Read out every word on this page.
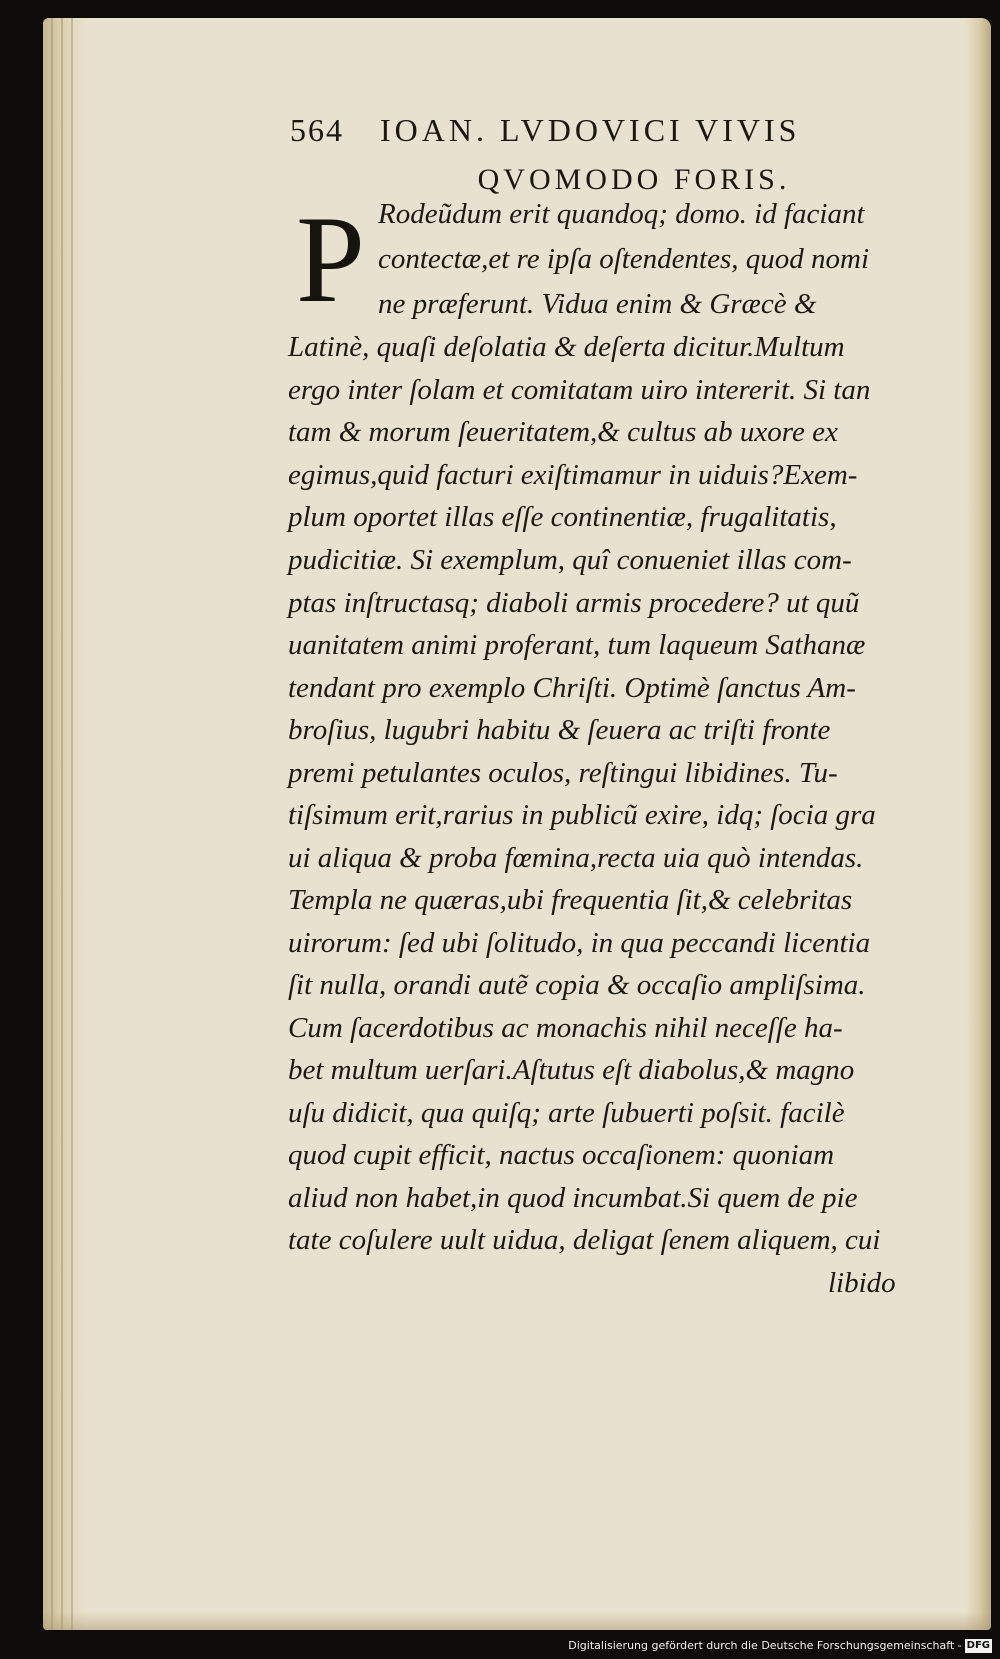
564 IOAN. LVDOVICI VIVIS
QVOMODO FORIS.
P Rodeũdum erit quandoq; domo. id faciant
contectæ,et re ipſa oſtendentes, quod nomi
ne præferunt. Vidua enim & Græcè &
Latinè, quaſi deſolatia & deſerta dicitur.Multum
ergo inter ſolam et comitatam uiro intererit. Si tan
tam & morum ſeueritatem,& cultus ab uxore ex
egimus,quid facturi exiſtimamur in uiduis?Exem-
plum oportet illas eſſe continentiæ, frugalitatis,
pudicitiæ. Si exemplum, quî conueniet illas com-
ptas inſtructasq; diaboli armis procedere? ut quũ
uanitatem animi proferant, tum laqueum Sathanæ
tendant pro exemplo Chriſti. Optimè ſanctus Am-
broſius, lugubri habitu & ſeuera ac triſti fronte
premi petulantes oculos, reſtingui libidines. Tu-
tiſsimum erit,rarius in publicũ exire, idq; ſocia gra
ui aliqua & proba fœmina,recta uia quò intendas.
Templa ne quæras,ubi frequentia ſit,& celebritas
uirorum: ſed ubi ſolitudo, in qua peccandi licentia
ſit nulla, orandi autẽ copia & occaſio ampliſsima.
Cum ſacerdotibus ac monachis nihil neceſſe ha-
bet multum uerſari.Aſtutus eſt diabolus,& magno
uſu didicit, qua quiſq; arte ſubuerti poſsit. facilè
quod cupit efficit, nactus occaſionem: quoniam
aliud non habet,in quod incumbat.Si quem de pie
tate coſulere uult uidua, deligat ſenem aliquem, cui
libido
Digitalisierung gefördert durch die Deutsche Forschungsgemeinschaft - DFG
